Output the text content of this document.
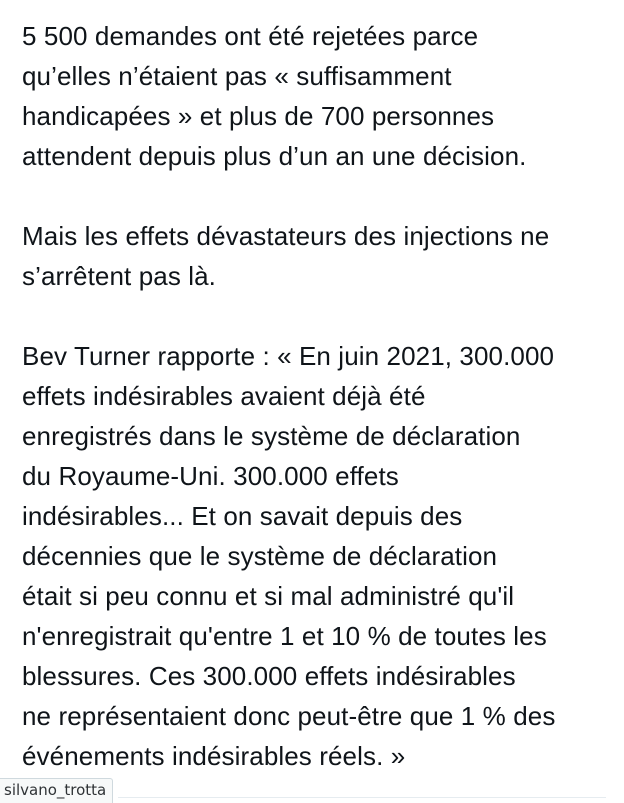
5 500 demandes ont été rejetées parce
qu’elles n’étaient pas « suffisamment
handicapées » et plus de 700 personnes
attendent depuis plus d’un an une décision.

Mais les effets dévastateurs des injections ne
s’arrêtent pas là.

Bev Turner rapporte : « En juin 2021, 300.000
effets indésirables avaient déjà été
enregistrés dans le système de déclaration
du Royaume-Uni. 300.000 effets
indésirables... Et on savait depuis des
décennies que le système de déclaration
était si peu connu et si mal administré qu'il
n'enregistrait qu'entre 1 et 10 % de toutes les
blessures. Ces 300.000 effets indésirables
ne représentaient donc peut-être que 1 % des
événements indésirables réels. »

silvano_trotta
